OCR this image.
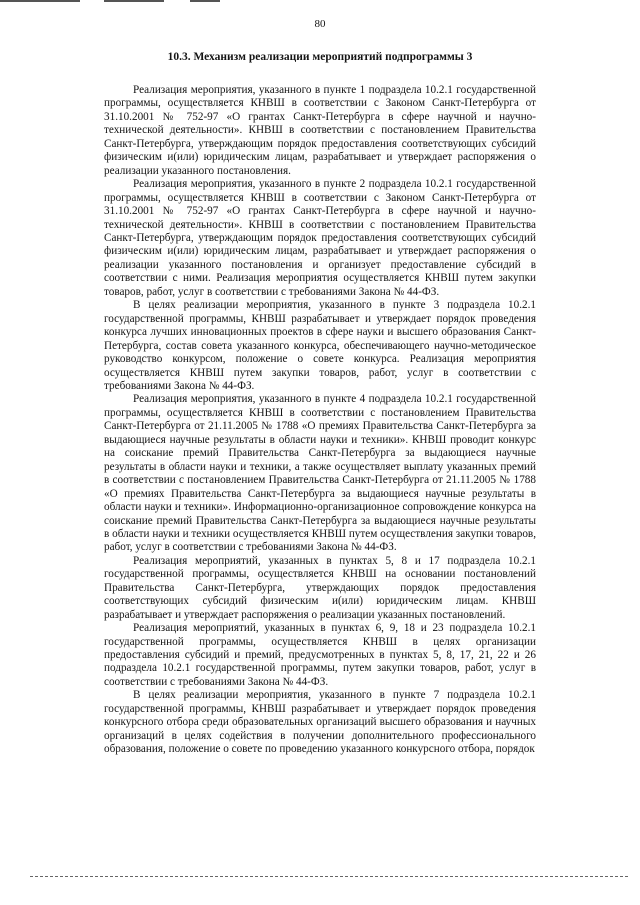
80
10.3. Механизм реализации мероприятий подпрограммы 3

Реализация мероприятия, указанного в пункте 1 подраздела 10.2.1 государственной программы, осуществляется КНВШ в соответствии с Законом Санкт-Петербурга от 31.10.2001 № 752-97 «О грантах Санкт-Петербурга в сфере научной и научно-технической деятельности». КНВШ в соответствии с постановлением Правительства Санкт-Петербурга, утверждающим порядок предоставления соответствующих субсидий физическим и(или) юридическим лицам, разрабатывает и утверждает распоряжения о реализации указанного постановления.

Реализация мероприятия, указанного в пункте 2 подраздела 10.2.1 государственной программы, осуществляется КНВШ в соответствии с Законом Санкт-Петербурга от 31.10.2001 № 752-97 «О грантах Санкт-Петербурга в сфере научной и научно-технической деятельности». КНВШ в соответствии с постановлением Правительства Санкт-Петербурга, утверждающим порядок предоставления соответствующих субсидий физическим и(или) юридическим лицам, разрабатывает и утверждает распоряжения о реализации указанного постановления и организует предоставление субсидий в соответствии с ними. Реализация мероприятия осуществляется КНВШ путем закупки товаров, работ, услуг в соответствии с требованиями Закона № 44-ФЗ.

В целях реализации мероприятия, указанного в пункте 3 подраздела 10.2.1 государственной программы, КНВШ разрабатывает и утверждает порядок проведения конкурса лучших инновационных проектов в сфере науки и высшего образования Санкт-Петербурга, состав совета указанного конкурса, обеспечивающего научно-методическое руководство конкурсом, положение о совете конкурса. Реализация мероприятия осуществляется КНВШ путем закупки товаров, работ, услуг в соответствии с требованиями Закона № 44-ФЗ.

Реализация мероприятия, указанного в пункте 4 подраздела 10.2.1 государственной программы, осуществляется КНВШ в соответствии с постановлением Правительства Санкт-Петербурга от 21.11.2005 № 1788 «О премиях Правительства Санкт-Петербурга за выдающиеся научные результаты в области науки и техники». КНВШ проводит конкурс на соискание премий Правительства Санкт-Петербурга за выдающиеся научные результаты в области науки и техники, а также осуществляет выплату указанных премий в соответствии с постановлением Правительства Санкт-Петербурга от 21.11.2005 № 1788 «О премиях Правительства Санкт-Петербурга за выдающиеся научные результаты в области науки и техники». Информационно-организационное сопровождение конкурса на соискание премий Правительства Санкт-Петербурга за выдающиеся научные результаты в области науки и техники осуществляется КНВШ путем осуществления закупки товаров, работ, услуг в соответствии с требованиями Закона № 44-ФЗ.

Реализация мероприятий, указанных в пунктах 5, 8 и 17 подраздела 10.2.1 государственной программы, осуществляется КНВШ на основании постановлений Правительства Санкт-Петербурга, утверждающих порядок предоставления соответствующих субсидий физическим и(или) юридическим лицам. КНВШ разрабатывает и утверждает распоряжения о реализации указанных постановлений.

Реализация мероприятий, указанных в пунктах 6, 9, 18 и 23 подраздела 10.2.1 государственной программы, осуществляется КНВШ в целях организации предоставления субсидий и премий, предусмотренных в пунктах 5, 8, 17, 21, 22 и 26 подраздела 10.2.1 государственной программы, путем закупки товаров, работ, услуг в соответствии с требованиями Закона № 44-ФЗ.

В целях реализации мероприятия, указанного в пункте 7 подраздела 10.2.1 государственной программы, КНВШ разрабатывает и утверждает порядок проведения конкурсного отбора среди образовательных организаций высшего образования и научных организаций в целях содействия в получении дополнительного профессионального образования, положение о совете по проведению указанного конкурсного отбора, порядок
